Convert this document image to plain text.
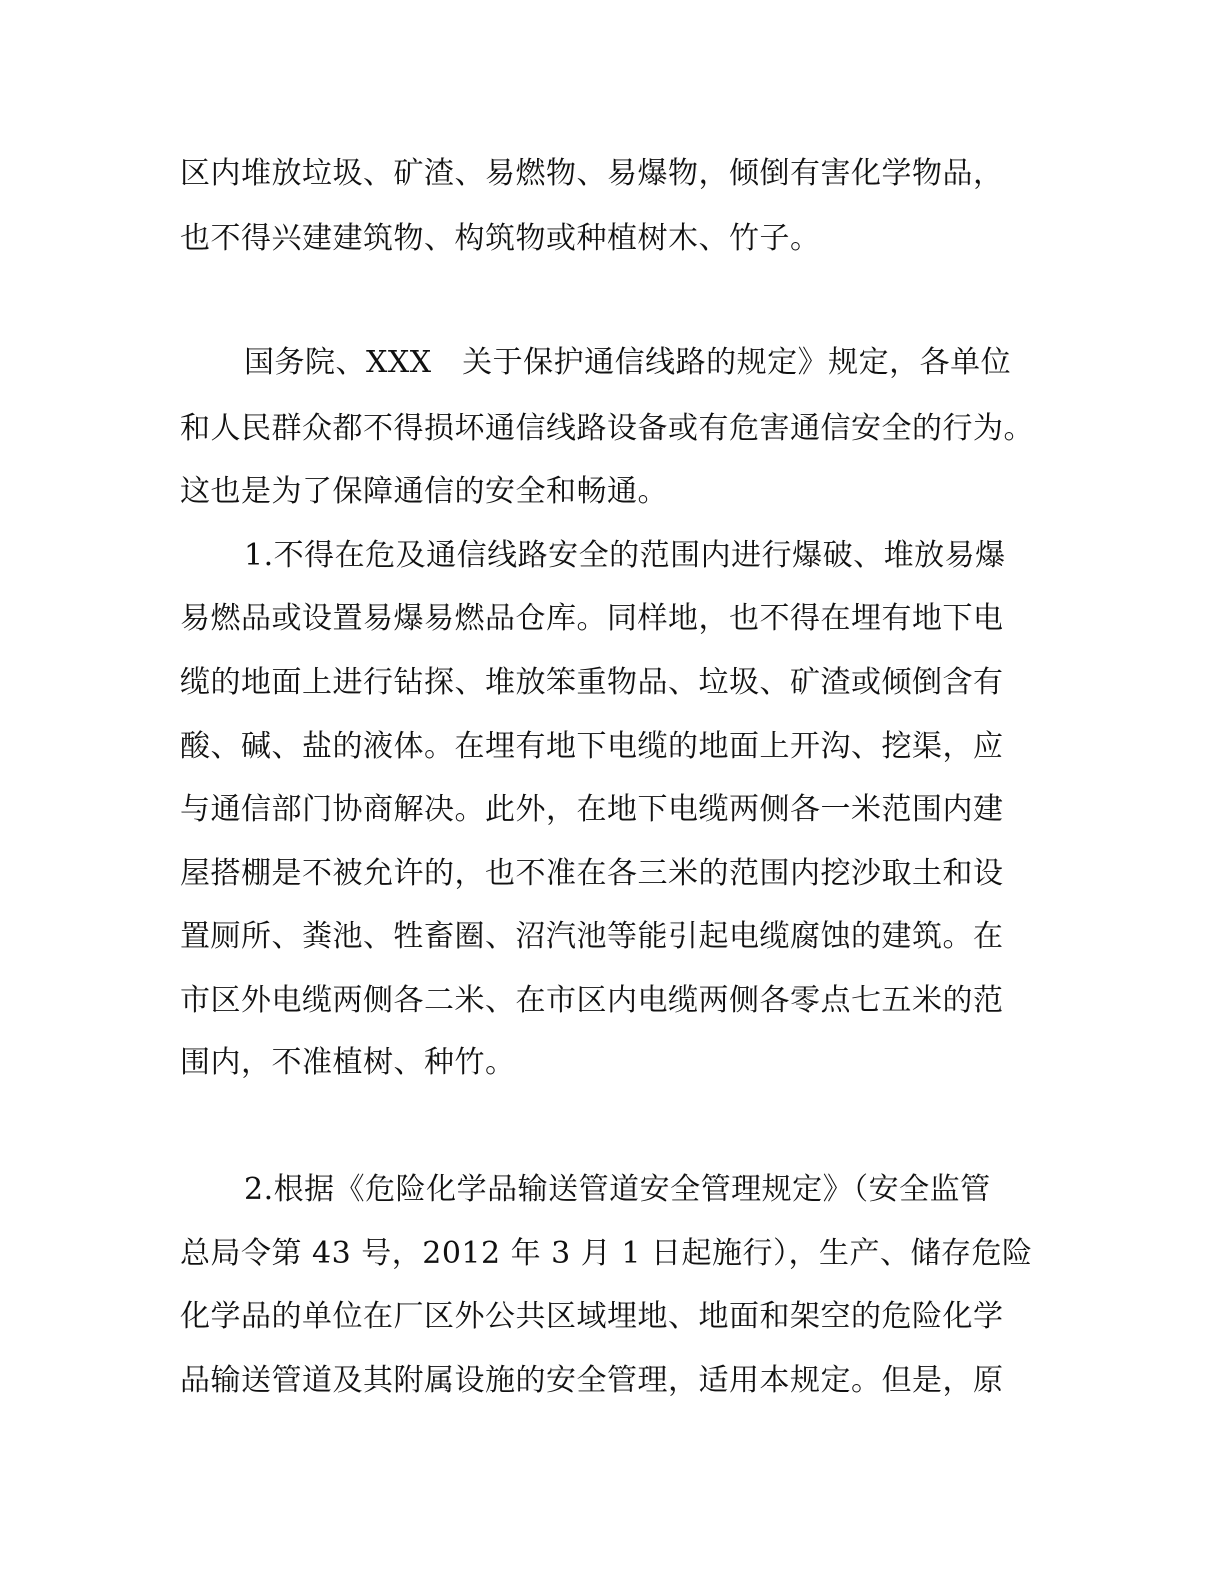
区内堆放垃圾、矿渣、易燃物、易爆物，倾倒有害化学物品，
也不得兴建建筑物、构筑物或种植树木、竹子。
国务院、XXX　关于保护通信线路的规定》规定，各单位
和人民群众都不得损坏通信线路设备或有危害通信安全的行为。
这也是为了保障通信的安全和畅通。
1.不得在危及通信线路安全的范围内进行爆破、堆放易爆
易燃品或设置易爆易燃品仓库。同样地，也不得在埋有地下电
缆的地面上进行钻探、堆放笨重物品、垃圾、矿渣或倾倒含有
酸、碱、盐的液体。在埋有地下电缆的地面上开沟、挖渠，应
与通信部门协商解决。此外，在地下电缆两侧各一米范围内建
屋搭棚是不被允许的，也不准在各三米的范围内挖沙取土和设
置厕所、粪池、牲畜圈、沼汽池等能引起电缆腐蚀的建筑。在
市区外电缆两侧各二米、在市区内电缆两侧各零点七五米的范
围内，不准植树、种竹。
2.根据《危险化学品输送管道安全管理规定》（安全监管
总局令第 43 号，2012 年 3 月 1 日起施行），生产、储存危险
化学品的单位在厂区外公共区域埋地、地面和架空的危险化学
品输送管道及其附属设施的安全管理，适用本规定。但是，原
